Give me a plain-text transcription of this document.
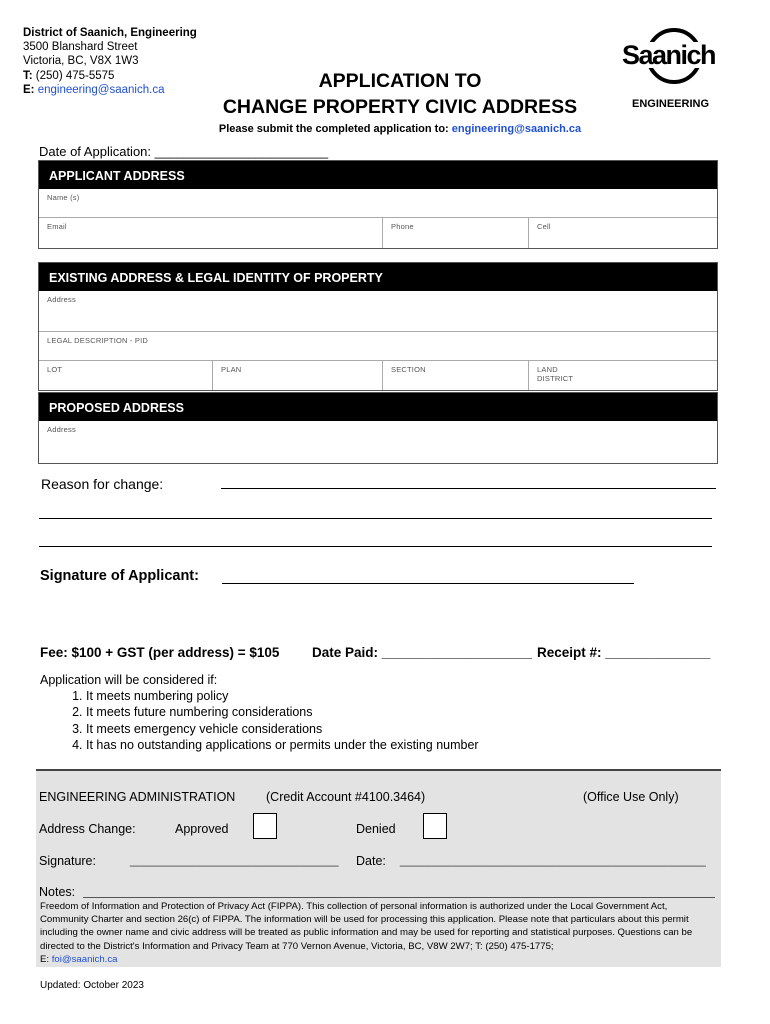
District of Saanich, Engineering
3500 Blanshard Street
Victoria, BC, V8X 1W3
T: (250) 475-5575
E: engineering@saanich.ca
Saanich
ENGINEERING
APPLICATION TO
CHANGE PROPERTY CIVIC ADDRESS
Please submit the completed application to: engineering@saanich.ca
Date of Application: ________________________
APPLICANT ADDRESS
Name (s)
Email	Phone	Cell
EXISTING ADDRESS & LEGAL IDENTITY OF PROPERTY
Address
LEGAL DESCRIPTION - PID
LOT	PLAN	SECTION	LAND DISTRICT
PROPOSED ADDRESS
Address
Reason for change:
Signature of Applicant:
Fee: $100 + GST (per address) = $105 Date Paid: ____________________ Receipt #: ______________
Application will be considered if:
1. It meets numbering policy
2. It meets future numbering considerations
3. It meets emergency vehicle considerations
4. It has no outstanding applications or permits under the existing number
ENGINEERING ADMINISTRATION (Credit Account #4100.3464)	(Office Use Only)
Address Change:	Approved	Denied
Signature:	______________________________ Date: ____________________________________________
Notes:
Freedom of Information and Protection of Privacy Act (FIPPA). This collection of personal information is authorized under the Local Government Act, Community Charter and section 26(c) of FIPPA. The information will be used for processing this application. Please note that particulars about this permit including the owner name and civic address will be treated as public information and may be used for reporting and statistical purposes. Questions can be directed to the District's Information and Privacy Team at 770 Vernon Avenue, Victoria, BC, V8W 2W7; T: (250) 475-1775;
E: foi@saanich.ca
Updated: October 2023
